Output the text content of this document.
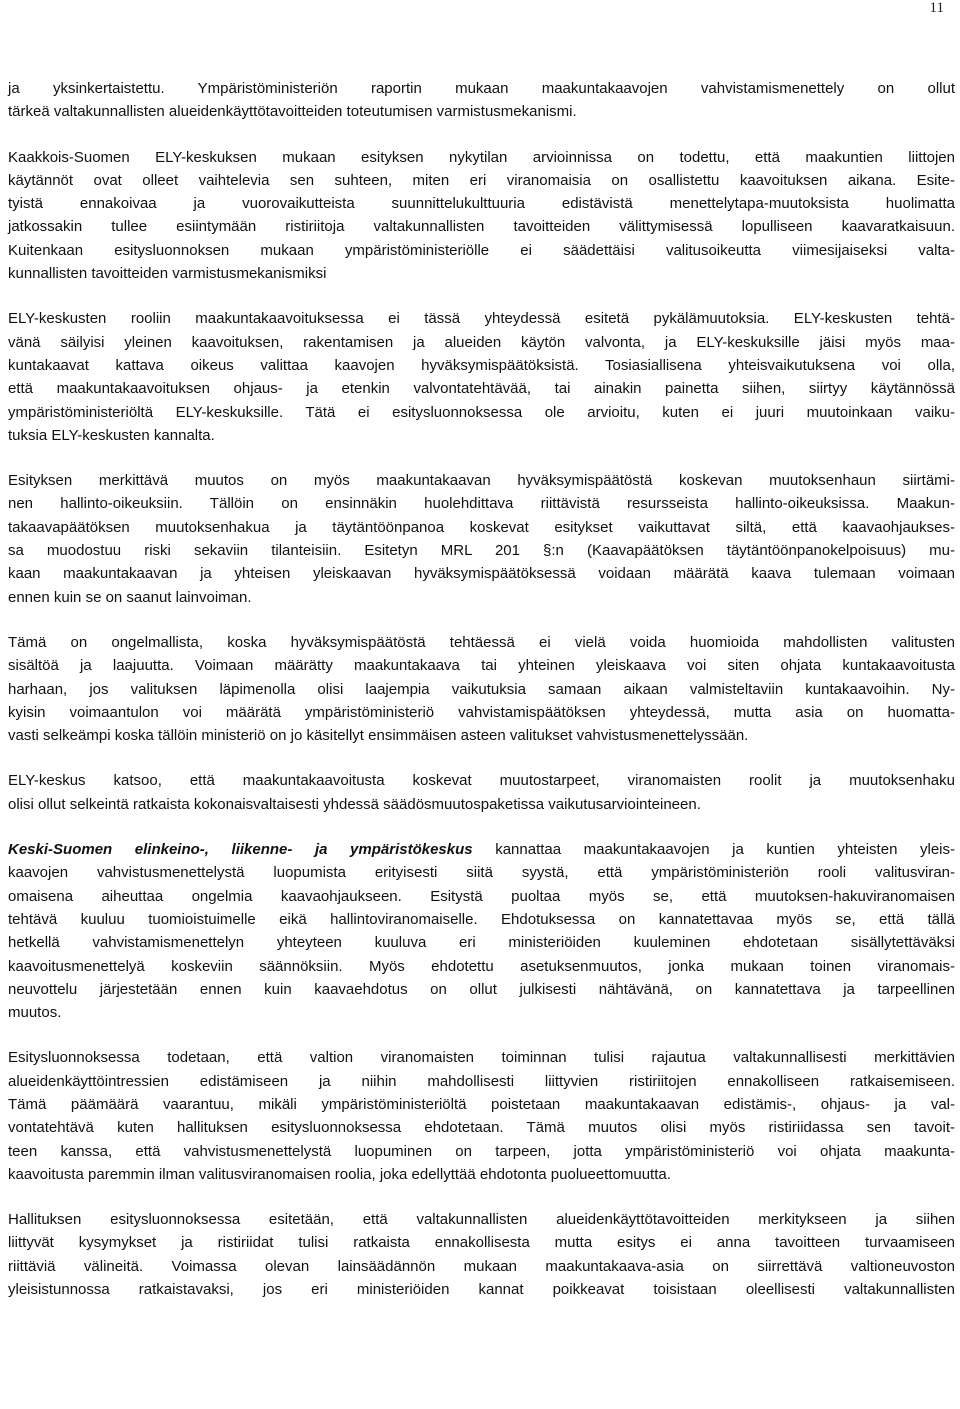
11

ja yksinkertaistettu. Ympäristöministeriön raportin mukaan maakuntakaavojen vahvistamismenettely on ollut
tärkeä valtakunnallisten alueidenkäyttötavoitteiden toteutumisen varmistusmekanismi.

Kaakkois-Suomen ELY-keskuksen mukaan esityksen nykytilan arvioinnissa on todettu, että maakuntien liittojen
käytännöt ovat olleet vaihtelevia sen suhteen, miten eri viranomaisia on osallistettu kaavoituksen aikana. Esite-
tyistä ennakoivaa ja vuorovaikutteista suunnittelukulttuuria edistävistä menettelytapa-muutoksista huolimatta
jatkossakin tullee esiintymään ristiriitoja valtakunnallisten tavoitteiden välittymisessä lopulliseen kaavaratkaisuun.
Kuitenkaan esitysluonnoksen mukaan ympäristöministeriölle ei säädettäisi valitusoikeutta viimesijaiseksi valta-
kunnallisten tavoitteiden varmistusmekanismiksi

ELY-keskusten rooliin maakuntakaavoituksessa ei tässä yhteydessä esitetä pykälämuutoksia. ELY-keskusten tehtä-
vänä säilyisi yleinen kaavoituksen, rakentamisen ja alueiden käytön valvonta, ja ELY-keskuksille jäisi myös maa-
kuntakaavat kattava oikeus valittaa kaavojen hyväksymispäätöksistä. Tosiasiallisena yhteisvaikutuksena voi olla,
että maakuntakaavoituksen ohjaus- ja etenkin valvontatehtävää, tai ainakin painetta siihen, siirtyy käytännössä
ympäristöministeriöltä ELY-keskuksille. Tätä ei esitysluonnoksessa ole arvioitu, kuten ei juuri muutoinkaan vaiku-
tuksia ELY-keskusten kannalta.

Esityksen merkittävä muutos on myös maakuntakaavan hyväksymispäätöstä koskevan muutoksenhaun siirtämi-
nen hallinto-oikeuksiin. Tällöin on ensinnäkin huolehdittava riittävistä resursseista hallinto-oikeuksissa. Maakun-
takaavapäätöksen muutoksenhakua ja täytäntöönpanoa koskevat esitykset vaikuttavat siltä, että kaavaohjaukses-
sa muodostuu riski sekaviin tilanteisiin. Esitetyn MRL 201 §:n (Kaavapäätöksen täytäntöönpanokelpoisuus) mu-
kaan maakuntakaavan ja yhteisen yleiskaavan hyväksymispäätöksessä voidaan määrätä kaava tulemaan voimaan
ennen kuin se on saanut lainvoiman.

Tämä on ongelmallista, koska hyväksymispäätöstä tehtäessä ei vielä voida huomioida mahdollisten valitusten
sisältöä ja laajuutta. Voimaan määrätty maakuntakaava tai yhteinen yleiskaava voi siten ohjata kuntakaavoitusta
harhaan, jos valituksen läpimenolla olisi laajempia vaikutuksia samaan aikaan valmisteltaviin kuntakaavoihin. Ny-
kyisin voimaantulon voi määrätä ympäristöministeriö vahvistamispäätöksen yhteydessä, mutta asia on huomatta-
vasti selkeämpi koska tällöin ministeriö on jo käsitellyt ensimmäisen asteen valitukset vahvistusmenettelyssään.

ELY-keskus katsoo, että maakuntakaavoitusta koskevat muutostarpeet, viranomaisten roolit ja muutoksenhaku
olisi ollut selkeintä ratkaista kokonaisvaltaisesti yhdessä säädösmuutospaketissa vaikutusarviointeineen.

Keski-Suomen elinkeino-, liikenne- ja ympäristökeskus kannattaa maakuntakaavojen ja kuntien yhteisten yleis-
kaavojen vahvistusmenettelystä luopumista erityisesti siitä syystä, että ympäristöministeriön rooli valitusviran-
omaisena aiheuttaa ongelmia kaavaohjaukseen. Esitystä puoltaa myös se, että muutoksen-hakuviranomaisen
tehtävä kuuluu tuomioistuimelle eikä hallintoviranomaiselle. Ehdotuksessa on kannatettavaa myös se, että tällä
hetkellä vahvistamismenettelyn yhteyteen kuuluva eri ministeriöiden kuuleminen ehdotetaan sisällytettäväksi
kaavoitusmenettelyä koskeviin säännöksiin. Myös ehdotettu asetuksenmuutos, jonka mukaan toinen viranomais-
neuvottelu järjestetään ennen kuin kaavaehdotus on ollut julkisesti nähtävänä, on kannatettava ja tarpeellinen
muutos.

Esitysluonnoksessa todetaan, että valtion viranomaisten toiminnan tulisi rajautua valtakunnallisesti merkittävien
alueidenkäyttöintressien edistämiseen ja niihin mahdollisesti liittyvien ristiriitojen ennakolliseen ratkaisemiseen.
Tämä päämäärä vaarantuu, mikäli ympäristöministeriöltä poistetaan maakuntakaavan edistämis-, ohjaus- ja val-
vontatehtävä kuten hallituksen esitysluonnoksessa ehdotetaan. Tämä muutos olisi myös ristiriidassa sen tavoit-
teen kanssa, että vahvistusmenettelystä luopuminen on tarpeen, jotta ympäristöministeriö voi ohjata maakunta-
kaavoitusta paremmin ilman valitusviranomaisen roolia, joka edellyttää ehdotonta puolueettomuutta.

Hallituksen esitysluonnoksessa esitetään, että valtakunnallisten alueidenkäyttötavoitteiden merkitykseen ja siihen
liittyvät kysymykset ja ristiriidat tulisi ratkaista ennakollisesta mutta esitys ei anna tavoitteen turvaamiseen
riittäviä välineitä. Voimassa olevan lainsäädännön mukaan maakuntakaava-asia on siirrettävä valtioneuvoston
yleisistunnossa ratkaistavaksi, jos eri ministeriöiden kannat poikkeavat toisistaan oleellisesti valtakunnallisten
